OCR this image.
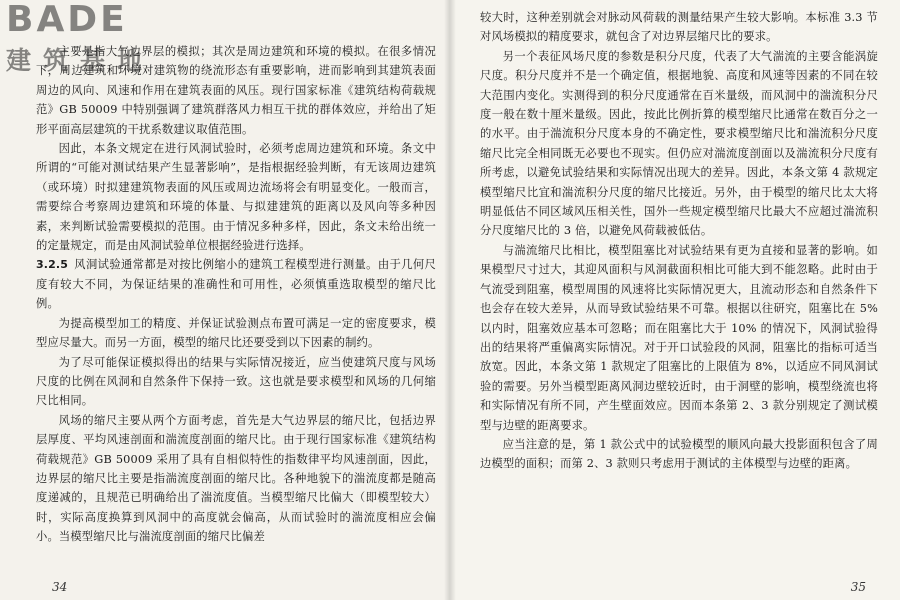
主要是指大气边界层的模拟；其次是周边建筑和环境的模拟。在很多情况下，周边建筑和环境对建筑物的绕流形态有重要影响，进而影响到其建筑表面周边的风向、风速和作用在建筑表面的风压。现行国家标准《建筑结构荷载规范》GB 50009 中特别强调了建筑群落风力相互干扰的群体效应，并给出了矩形平面高层建筑的干扰系数建议取值范围。

因此，本条文规定在进行风洞试验时，必须考虑周边建筑和环境。条文中所谓的“可能对测试结果产生显著影响”，是指根据经验判断，有无该周边建筑（或环境）时拟建建筑物表面的风压或周边流场将会有明显变化。一般而言，需要综合考察周边建筑和环境的体量、与拟建建筑的距离以及风向等多种因素，来判断试验需要模拟的范围。由于情况多种多样，因此，条文未给出统一的定量规定，而是由风洞试验单位根据经验进行选择。

3.2.5 风洞试验通常都是对按比例缩小的建筑工程模型进行测量。由于几何尺度有较大不同，为保证结果的准确性和可用性，必须慎重选取模型的缩尺比例。

为提高模型加工的精度、并保证试验测点布置可满足一定的密度要求，模型应尽量大。而另一方面，模型的缩尺比还要受到以下因素的制约。

为了尽可能保证模拟得出的结果与实际情况接近，应当使建筑尺度与风场尺度的比例在风洞和自然条件下保持一致。这也就是要求模型和风场的几何缩尺比相同。

风场的缩尺主要从两个方面考虑，首先是大气边界层的缩尺比，包括边界层厚度、平均风速剖面和湍流度剖面的缩尺比。由于现行国家标准《建筑结构荷载规范》GB 50009 采用了具有自相似特性的指数律平均风速剖面，因此，边界层的缩尺比主要是指湍流度剖面的缩尺比。各种地貌下的湍流度都是随高度递减的，且规范已明确给出了湍流度值。当模型缩尺比偏大（即模型较大）时，实际高度换算到风洞中的高度就会偏高，从而试验时的湍流度相应会偏小。当模型缩尺比与湍流度剖面的缩尺比偏差

34

较大时，这种差别就会对脉动风荷载的测量结果产生较大影响。本标准 3.3 节对风场模拟的精度要求，就包含了对边界层缩尺比的要求。

另一个表征风场尺度的参数是积分尺度，代表了大气湍流的主要含能涡旋尺度。积分尺度并不是一个确定值，根据地貌、高度和风速等因素的不同在较大范围内变化。实测得到的积分尺度通常在百米量级，而风洞中的湍流积分尺度一般在数十厘米量级。因此，按此比例折算的模型缩尺比通常在数百分之一的水平。由于湍流积分尺度本身的不确定性，要求模型缩尺比和湍流积分尺度缩尺比完全相同既无必要也不现实。但仍应对湍流度剖面以及湍流积分尺度有所考虑，以避免试验结果和实际情况出现大的差异。因此，本条文第 4 款规定模型缩尺比宜和湍流积分尺度的缩尺比接近。另外，由于模型的缩尺比太大将明显低估不同区域风压相关性，国外一些规定模型缩尺比最大不应超过湍流积分尺度缩尺比的 3 倍，以避免风荷载被低估。

与湍流缩尺比相比，模型阻塞比对试验结果有更为直接和显著的影响。如果模型尺寸过大，其迎风面积与风洞截面积相比可能大到不能忽略。此时由于气流受到阻塞，模型周围的风速将比实际情况更大，且流动形态和自然条件下也会存在较大差异，从而导致试验结果不可靠。根据以往研究，阻塞比在 5% 以内时，阻塞效应基本可忽略；而在阻塞比大于 10% 的情况下，风洞试验得出的结果将严重偏离实际情况。对于开口试验段的风洞，阻塞比的指标可适当放宽。因此，本条文第 1 款规定了阻塞比的上限值为 8%，以适应不同风洞试验的需要。另外当模型距离风洞边壁较近时，由于洞壁的影响，模型绕流也将和实际情况有所不同，产生壁面效应。因而本条第 2、3 款分别规定了测试模型与边壁的距离要求。

应当注意的是，第 1 款公式中的试验模型的顺风向最大投影面积包含了周边模型的面积；而第 2、3 款则只考虑用于测试的主体模型与边壁的距离。

35
BADE
建筑基地
